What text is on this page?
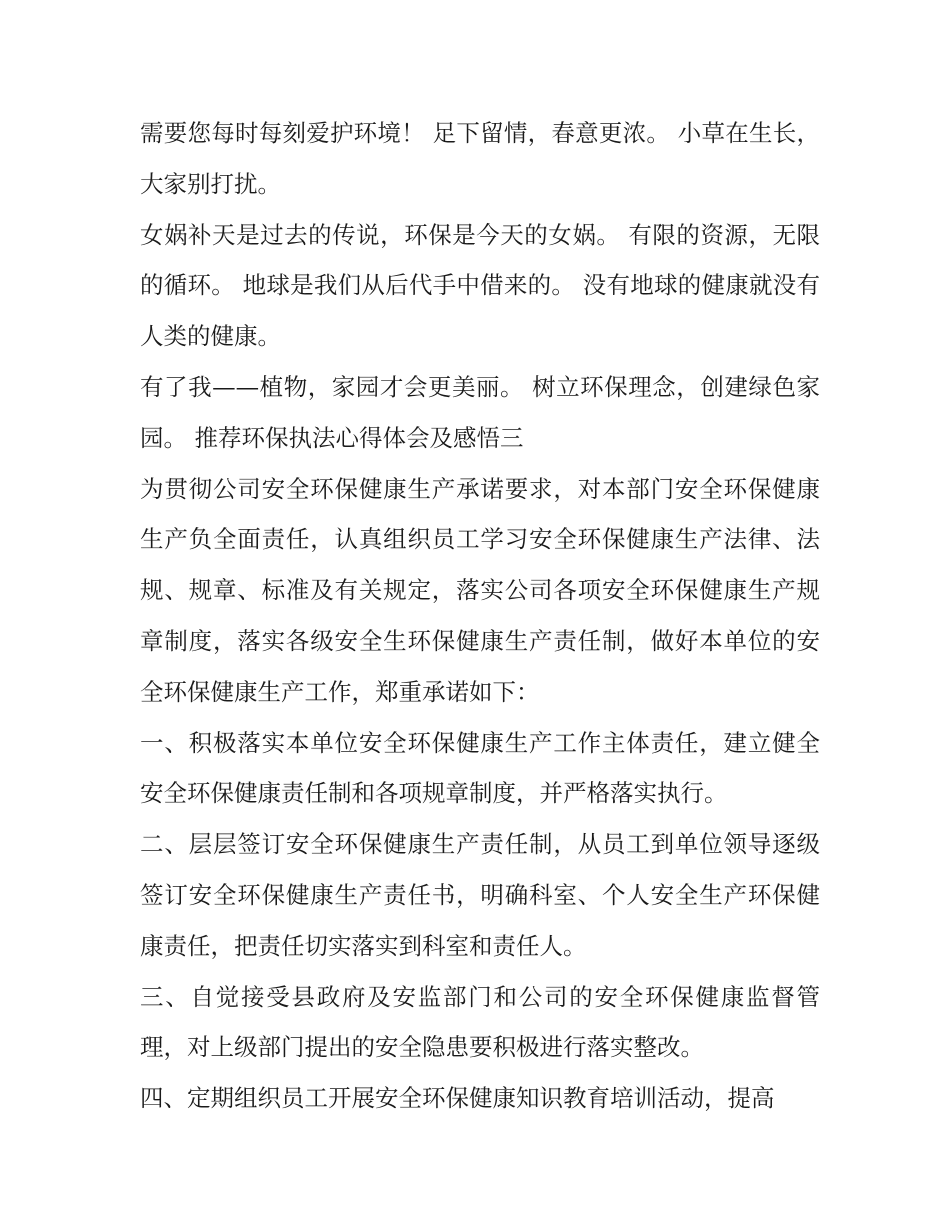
需要您每时每刻爱护环境！ 足下留情，春意更浓。 小草在生长，大家别打扰。

女娲补天是过去的传说，环保是今天的女娲。 有限的资源，无限的循环。 地球是我们从后代手中借来的。 没有地球的健康就没有人类的健康。

有了我——植物，家园才会更美丽。 树立环保理念，创建绿色家园。 推荐环保执法心得体会及感悟三

为贯彻公司安全环保健康生产承诺要求，对本部门安全环保健康生产负全面责任，认真组织员工学习安全环保健康生产法律、法规、规章、标准及有关规定，落实公司各项安全环保健康生产规章制度，落实各级安全生环保健康生产责任制，做好本单位的安全环保健康生产工作，郑重承诺如下：

一、积极落实本单位安全环保健康生产工作主体责任，建立健全安全环保健康责任制和各项规章制度，并严格落实执行。

二、层层签订安全环保健康生产责任制，从员工到单位领导逐级签订安全环保健康生产责任书，明确科室、个人安全生产环保健康责任，把责任切实落实到科室和责任人。

三、自觉接受县政府及安监部门和公司的安全环保健康监督管理，对上级部门提出的安全隐患要积极进行落实整改。

四、定期组织员工开展安全环保健康知识教育培训活动，提高
